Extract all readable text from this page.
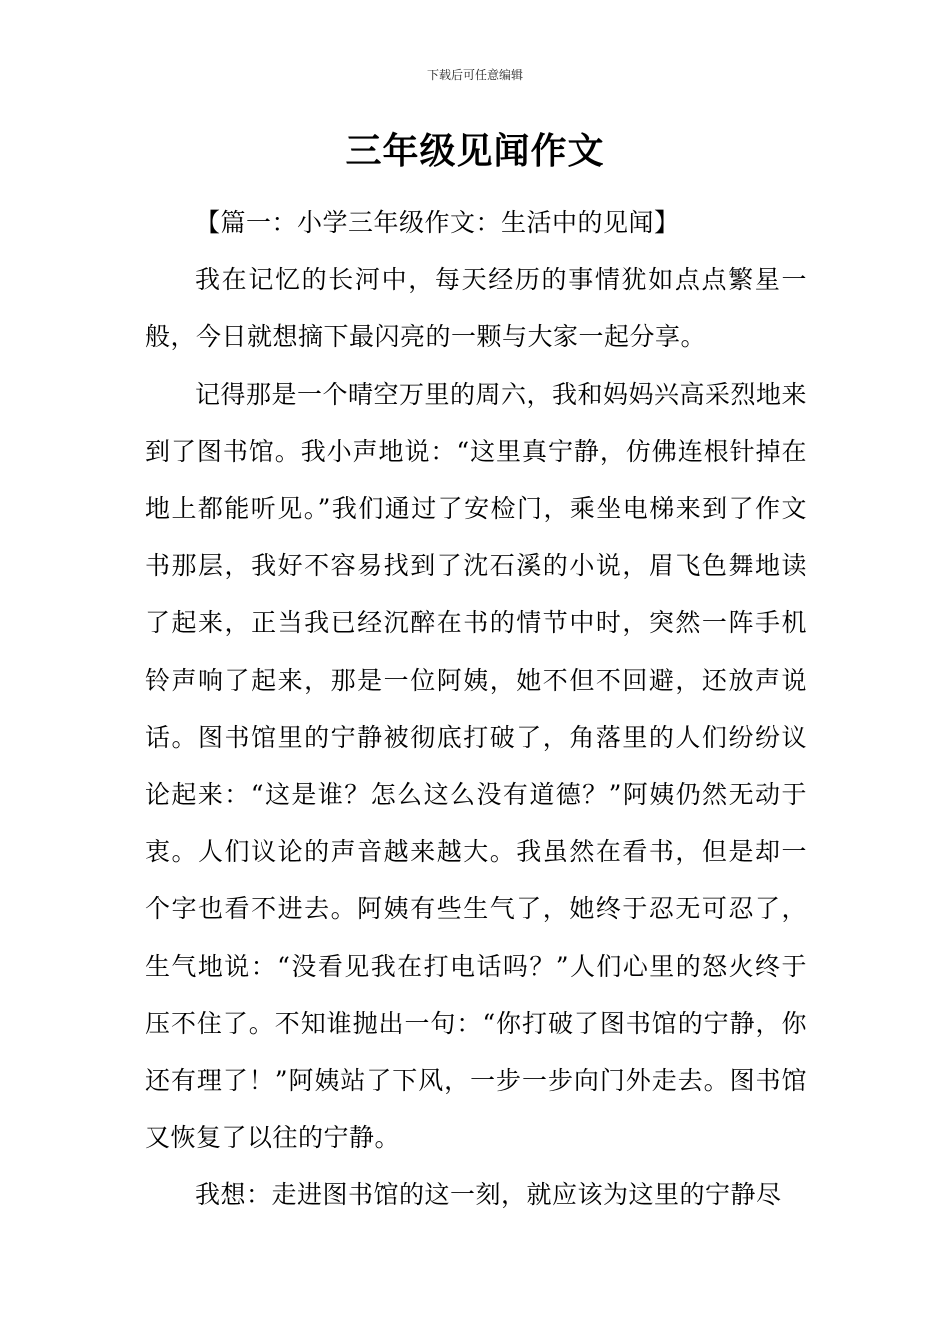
下载后可任意编辑
三年级见闻作文

【篇一：小学三年级作文：生活中的见闻】

我在记忆的长河中，每天经历的事情犹如点点繁星一般，今日就想摘下最闪亮的一颗与大家一起分享。

记得那是一个晴空万里的周六，我和妈妈兴高采烈地来到了图书馆。我小声地说：“这里真宁静，仿佛连根针掉在地上都能听见。”我们通过了安检门，乘坐电梯来到了作文书那层，我好不容易找到了沈石溪的小说，眉飞色舞地读了起来，正当我已经沉醉在书的情节中时，突然一阵手机铃声响了起来，那是一位阿姨，她不但不回避，还放声说话。图书馆里的宁静被彻底打破了，角落里的人们纷纷议论起来：“这是谁？怎么这么没有道德？”阿姨仍然无动于衷。人们议论的声音越来越大。我虽然在看书，但是却一个字也看不进去。阿姨有些生气了，她终于忍无可忍了，生气地说：“没看见我在打电话吗？”人们心里的怒火终于压不住了。不知谁抛出一句：“你打破了图书馆的宁静，你还有理了！”阿姨站了下风，一步一步向门外走去。图书馆又恢复了以往的宁静。

我想：走进图书馆的这一刻，就应该为这里的宁静尽
